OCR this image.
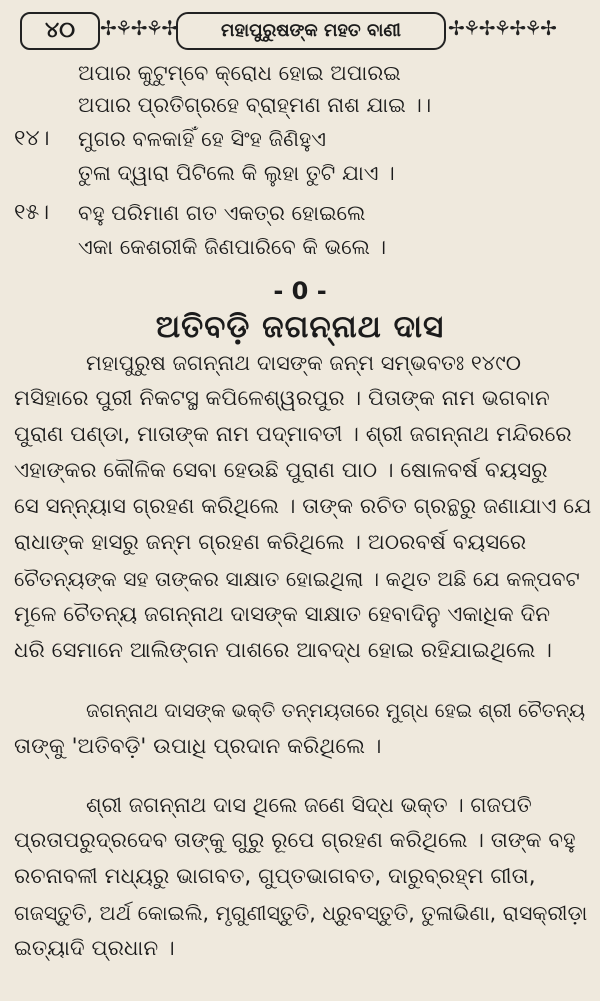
୪୦	✢⚘✢⚘✢	ମହାପୁରୁଷଙ୍କ ମହତ ବାଣୀ	✢⚘✢⚘✢⚘✢
ଅପାର କୁଟୁମ୍ବେ କ୍ରୋଧ ହୋଇ ଅପାରଇ
ଅପାର ପ୍ରତିଗ୍ରହେ ବ୍ରାହ୍ମଣ ନାଶ ଯାଇ ।।
୧୪। ମୁଗର ବଳକାହିଁ ହେ ସିଂହ ଜିଣିହୁଏ
ତୁଳା ଦ୍ୱାରା ପିଟିଲେ କି ଲୁହା ତୁଟି ଯାଏ ।
୧୫। ବହୁ ପରିମାଣ ଗତ ଏକତ୍ର ହୋଇଲେ
ଏକା କେଶରୀକି ଜିଣପାରିବେ କି ଭଲେ ।
- 0 -
ଅତିବଡ଼ି ଜଗନ୍ନାଥ ଦାସ
ମହାପୁରୁଷ ଜଗନ୍ନାଥ ଦାସଙ୍କ ଜନ୍ମ ସମ୍ଭବତଃ ୧୪୯୦
ମସିହାରେ ପୁରୀ ନିକଟସ୍ଥ କପିଳେଶ୍ୱରପୁର । ପିତାଙ୍କ ନାମ ଭଗବାନ
ପୁରାଣ ପଣ୍ଡା, ମାତାଙ୍କ ନାମ ପଦ୍ମାବତୀ । ଶ୍ରୀ ଜଗନ୍ନାଥ ମନ୍ଦିରରେ
ଏହାଙ୍କର କୌଳିକ ସେବା ହେଉଛି ପୁରାଣ ପାଠ । ଷୋଳବର୍ଷ ବୟସରୁ
ସେ ସନ୍ନ୍ୟାସ ଗ୍ରହଣ କରିଥିଲେ । ତାଙ୍କ ରଚିତ ଗ୍ରନ୍ଥରୁ ଜଣାଯାଏ ଯେ
ରାଧାଙ୍କ ହାସରୁ ଜନ୍ମ ଗ୍ରହଣ କରିଥିଲେ । ଅଠରବର୍ଷ ବୟସରେ
ଚୈତନ୍ୟଙ୍କ ସହ ତାଙ୍କର ସାକ୍ଷାତ ହୋଇଥିଲା । କଥିତ ଅଛି ଯେ କଳ୍ପବଟ
ମୂଳେ ଚୈତନ୍ୟ ଜଗନ୍ନାଥ ଦାସଙ୍କ ସାକ୍ଷାତ ହେବାଦିନୁ ଏକାଧିକ ଦିନ
ଧରି ସେମାନେ ଆଲିଙ୍ଗନ ପାଶରେ ଆବଦ୍ଧ ହୋଇ ରହିଯାଇଥିଲେ ।
ଜଗନ୍ନାଥ ଦାସଙ୍କ ଭକ୍ତି ତନ୍ମୟତାରେ ମୁଗ୍ଧ ହେଇ ଶ୍ରୀ ଚୈତନ୍ୟ
ତାଙ୍କୁ 'ଅତିବଡ଼ି' ଉପାଧି ପ୍ରଦାନ କରିଥିଲେ ।
ଶ୍ରୀ ଜଗନ୍ନାଥ ଦାସ ଥିଲେ ଜଣେ ସିଦ୍ଧ ଭକ୍ତ । ଗଜପତି
ପ୍ରତାପରୁଦ୍ରଦେବ ତାଙ୍କୁ ଗୁରୁ ରୂପେ ଗ୍ରହଣ କରିଥିଲେ । ତାଙ୍କ ବହୁ
ରଚନାବଳୀ ମଧ୍ୟରୁ ଭାଗବତ, ଗୁପ୍ତଭାଗବତ, ଦାରୁବ୍ରହ୍ମ ଗୀତା,
ଗଜସ୍ତୁତି, ଅର୍ଥ କୋଇଲି, ମୃଗୁଣୀସ୍ତୁତି, ଧ୍ରୁବସ୍ତୁତି, ତୁଳାଭିଣା, ରାସକ୍ରୀଡ଼ା
ଇତ୍ୟାଦି ପ୍ରଧାନ ।
